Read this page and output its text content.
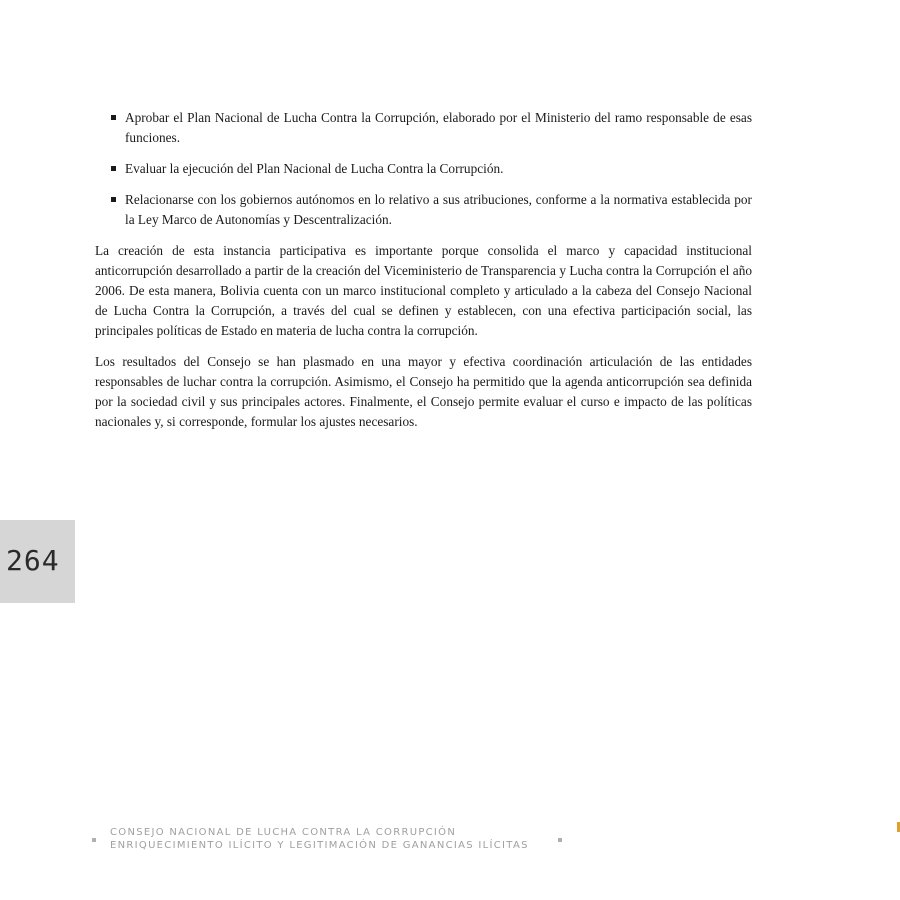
Aprobar el Plan Nacional de Lucha Contra la Corrupción, elaborado por el Ministerio del ramo responsable de esas funciones.
Evaluar la ejecución del Plan Nacional de Lucha Contra la Corrupción.
Relacionarse con los gobiernos autónomos en lo relativo a sus atribuciones, conforme a la normativa establecida por la Ley Marco de Autonomías y Descentralización.

La creación de esta instancia participativa es importante porque consolida el marco y capacidad institucional anticorrupción desarrollado a partir de la creación del Viceministerio de Transparencia y Lucha contra la Corrupción el año 2006. De esta manera, Bolivia cuenta con un marco institucional completo y articulado a la cabeza del Consejo Nacional de Lucha Contra la Corrupción, a través del cual se definen y establecen, con una efectiva participación social, las principales políticas de Estado en materia de lucha contra la corrupción.

Los resultados del Consejo se han plasmado en una mayor y efectiva coordinación articulación de las entidades responsables de luchar contra la corrupción. Asimismo, el Consejo ha permitido que la agenda anticorrupción sea definida por la sociedad civil y sus principales actores. Finalmente, el Consejo permite evaluar el curso e impacto de las políticas nacionales y, si corresponde, formular los ajustes necesarios.

264
CONSEJO NACIONAL DE LUCHA CONTRA LA CORRUPCIÓN
ENRIQUECIMIENTO ILÍCITO Y LEGITIMACIÓN DE GANANCIAS ILÍCITAS
